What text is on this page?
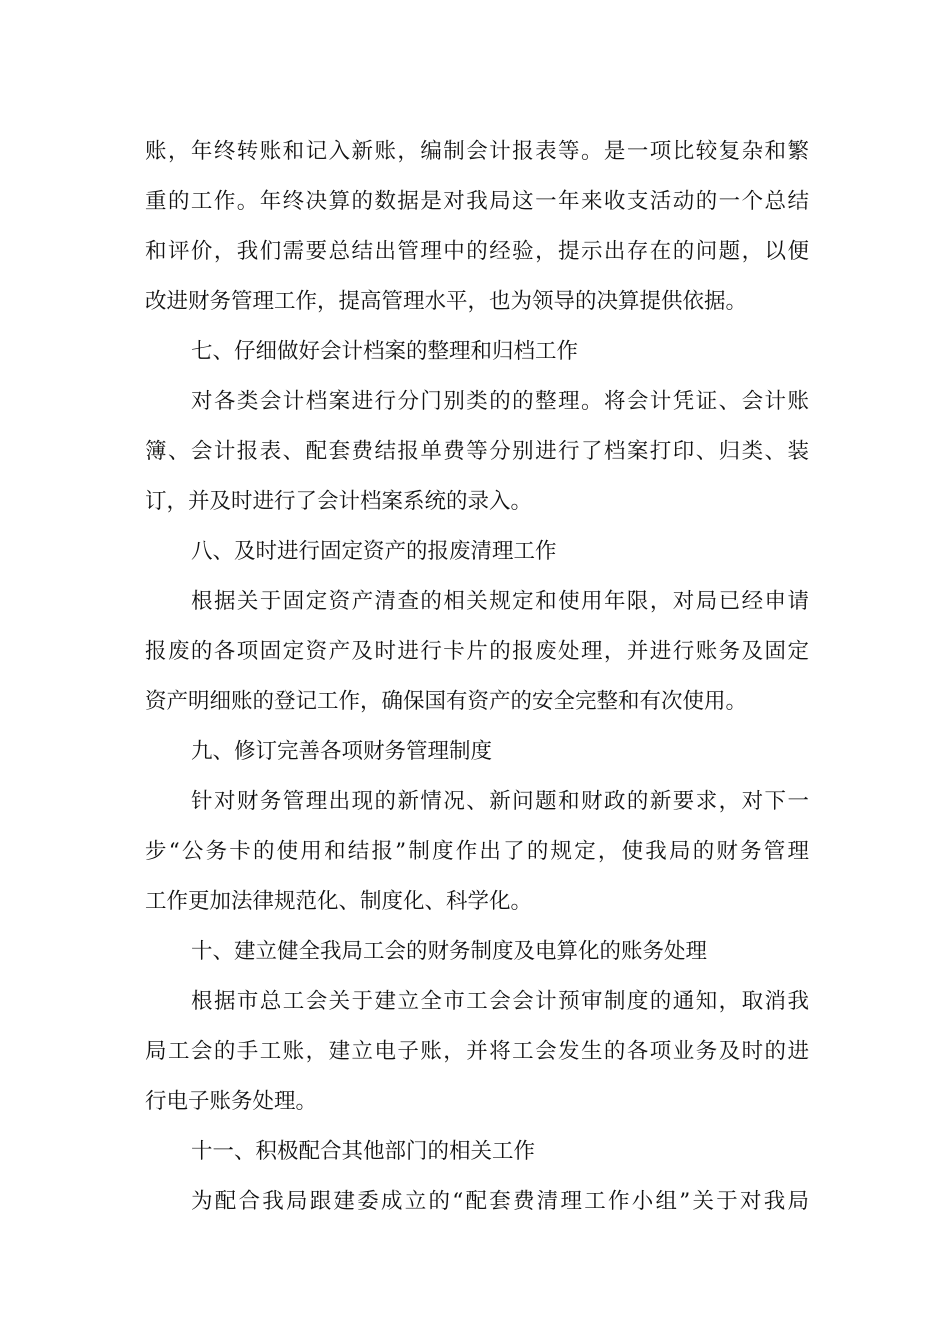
账，年终转账和记入新账，编制会计报表等。是一项比较复杂和繁
重的工作。年终决算的数据是对我局这一年来收支活动的一个总结
和评价，我们需要总结出管理中的经验，提示出存在的问题，以便
改进财务管理工作，提高管理水平，也为领导的决算提供依据。
七、仔细做好会计档案的整理和归档工作
对各类会计档案进行分门别类的的整理。将会计凭证、会计账
簿、会计报表、配套费结报单费等分别进行了档案打印、归类、装
订，并及时进行了会计档案系统的录入。
八、及时进行固定资产的报废清理工作
根据关于固定资产清查的相关规定和使用年限，对局已经申请
报废的各项固定资产及时进行卡片的报废处理，并进行账务及固定
资产明细账的登记工作，确保国有资产的安全完整和有次使用。
九、修订完善各项财务管理制度
针对财务管理出现的新情况、新问题和财政的新要求，对下一
步“公务卡的使用和结报”制度作出了的规定，使我局的财务管理
工作更加法律规范化、制度化、科学化。
十、建立健全我局工会的财务制度及电算化的账务处理
根据市总工会关于建立全市工会会计预审制度的通知，取消我
局工会的手工账，建立电子账，并将工会发生的各项业务及时的进
行电子账务处理。
十一、积极配合其他部门的相关工作
为配合我局跟建委成立的“配套费清理工作小组”关于对我局
